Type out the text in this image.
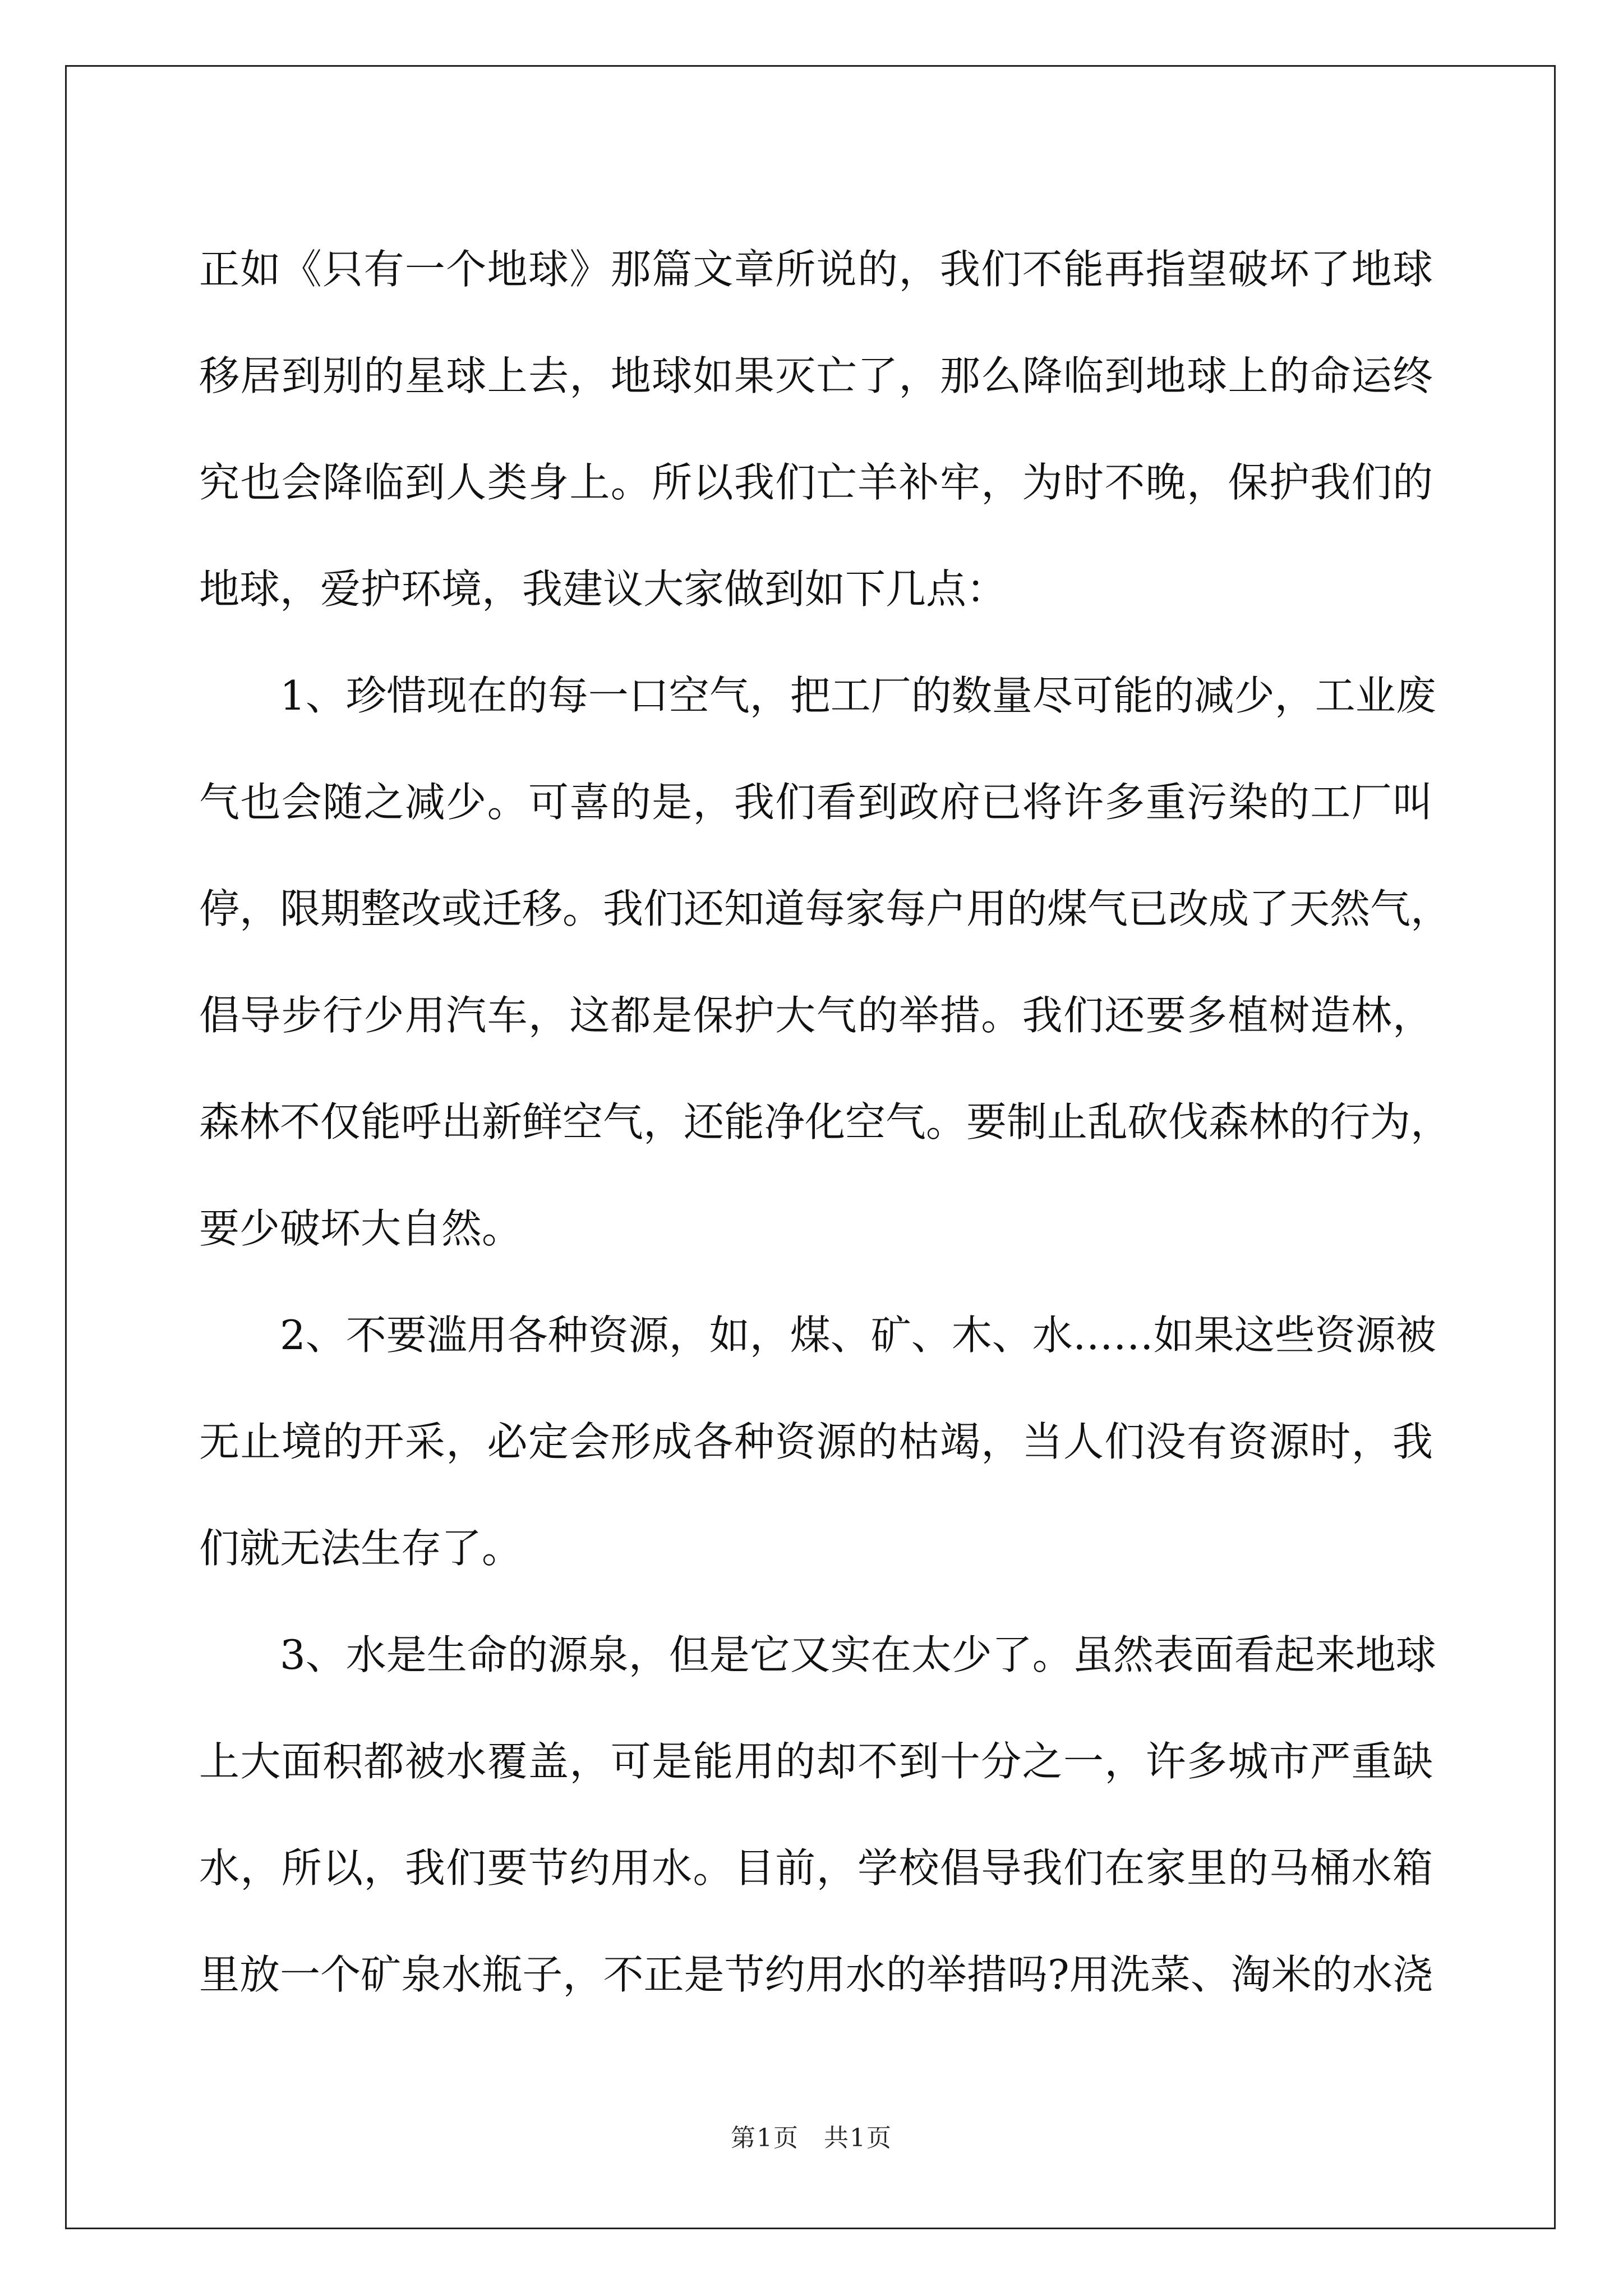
正如《只有一个地球》那篇文章所说的，我们不能再指望破坏了地球
移居到别的星球上去，地球如果灭亡了，那么降临到地球上的命运终
究也会降临到人类身上。所以我们亡羊补牢，为时不晚，保护我们的
地球，爱护环境，我建议大家做到如下几点：
　　1、珍惜现在的每一口空气，把工厂的数量尽可能的减少，工业废
气也会随之减少。可喜的是，我们看到政府已将许多重污染的工厂叫
停，限期整改或迁移。我们还知道每家每户用的煤气已改成了天然气，
倡导步行少用汽车，这都是保护大气的举措。我们还要多植树造林，
森林不仅能呼出新鲜空气，还能净化空气。要制止乱砍伐森林的行为，
要少破坏大自然。
　　2、不要滥用各种资源，如，煤、矿、木、水……如果这些资源被
无止境的开采，必定会形成各种资源的枯竭，当人们没有资源时，我
们就无法生存了。
　　3、水是生命的源泉，但是它又实在太少了。虽然表面看起来地球
上大面积都被水覆盖，可是能用的却不到十分之一，许多城市严重缺
水，所以，我们要节约用水。目前，学校倡导我们在家里的马桶水箱
里放一个矿泉水瓶子，不正是节约用水的举措吗?用洗菜、淘米的水浇
第1页 共1页
